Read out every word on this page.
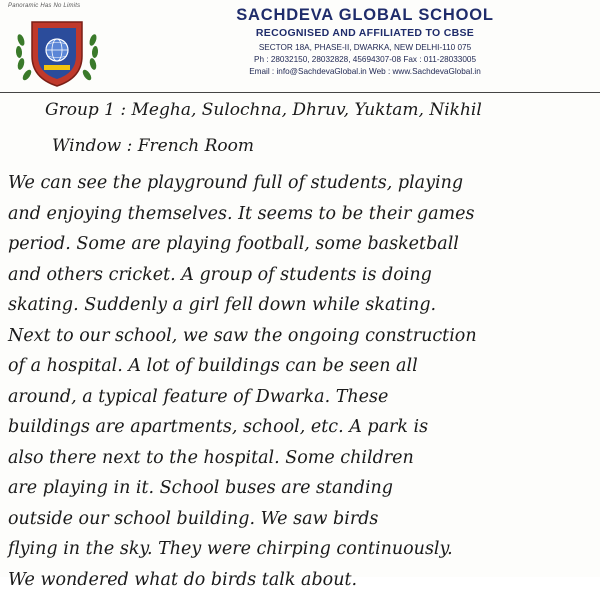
Panoramic Has No Limits	SACHDEVA GLOBAL SCHOOL
RECOGNISED AND AFFILIATED TO CBSE
SECTOR 18A, PHASE-II, DWARKA, NEW DELHI-110 075
Ph : 28032150, 28032828, 45694307-08 Fax : 011-28033005
Email : info@SachdevaGlobal.in Web : www.SachdevaGlobal.in
Group 1 : Megha, Sulochna, Dhruv, Yuktam, Nikhil
Window : French Room
We can see the playground full of students, playing
and enjoying themselves. It seems to be their games
period. Some are playing football, some basketball
and others cricket. A group of students is doing
skating. Suddenly a girl fell down while skating.
Next to our school, we saw the ongoing construction
of a hospital. A lot of buildings can be seen all
around, a typical feature of Dwarka. These
buildings are apartments, school, etc. A park is
also there next to the hospital. Some children
are playing in it. School buses are standing
outside our school building. We saw birds
flying in the sky. They were chirping continuously.
We wondered what do birds talk about.
